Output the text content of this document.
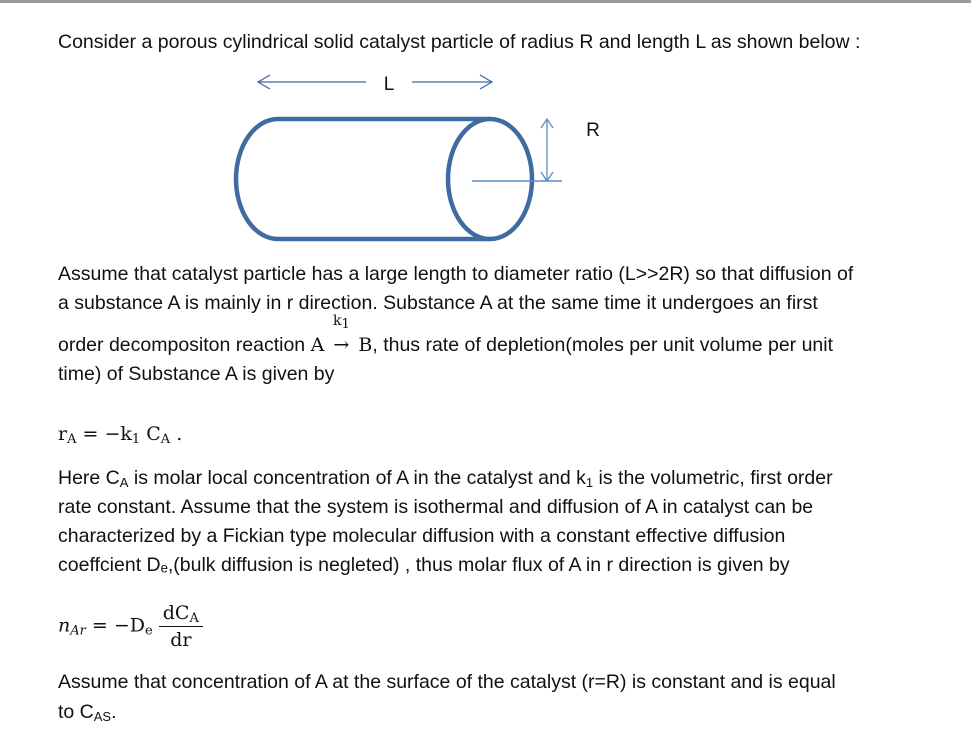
Consider a porous cylindrical solid catalyst particle of radius R and length L as shown below :
L
R
Assume that catalyst particle has a large length to diameter ratio (L>>2R) so that diffusion of
a substance A is mainly in r direction. Substance A at the same time it undergoes an first
order decompositon reaction A
$k_1$
→ B, thus rate of depletion(moles per unit volume per unit
time) of Substance A is given by
$r_A = -k_1$ $C_A$ .
Here $C_A$ is molar local concentration of A in the catalyst and $k_1$ is the volumetric, first order
rate constant. Assume that the system is isothermal and diffusion of A in catalyst can be
characterized by a Fickian type molecular diffusion with a constant effective diffusion
coeffcient Dₑ,(bulk diffusion is negleted) , thus molar flux of A in r direction is given by
$n_{Ar} = -D_e \frac{dC_A}{dr}$
Assume that concentration of A at the surface of the catalyst (r=R) is constant and is equal
to $C_{AS}$.
